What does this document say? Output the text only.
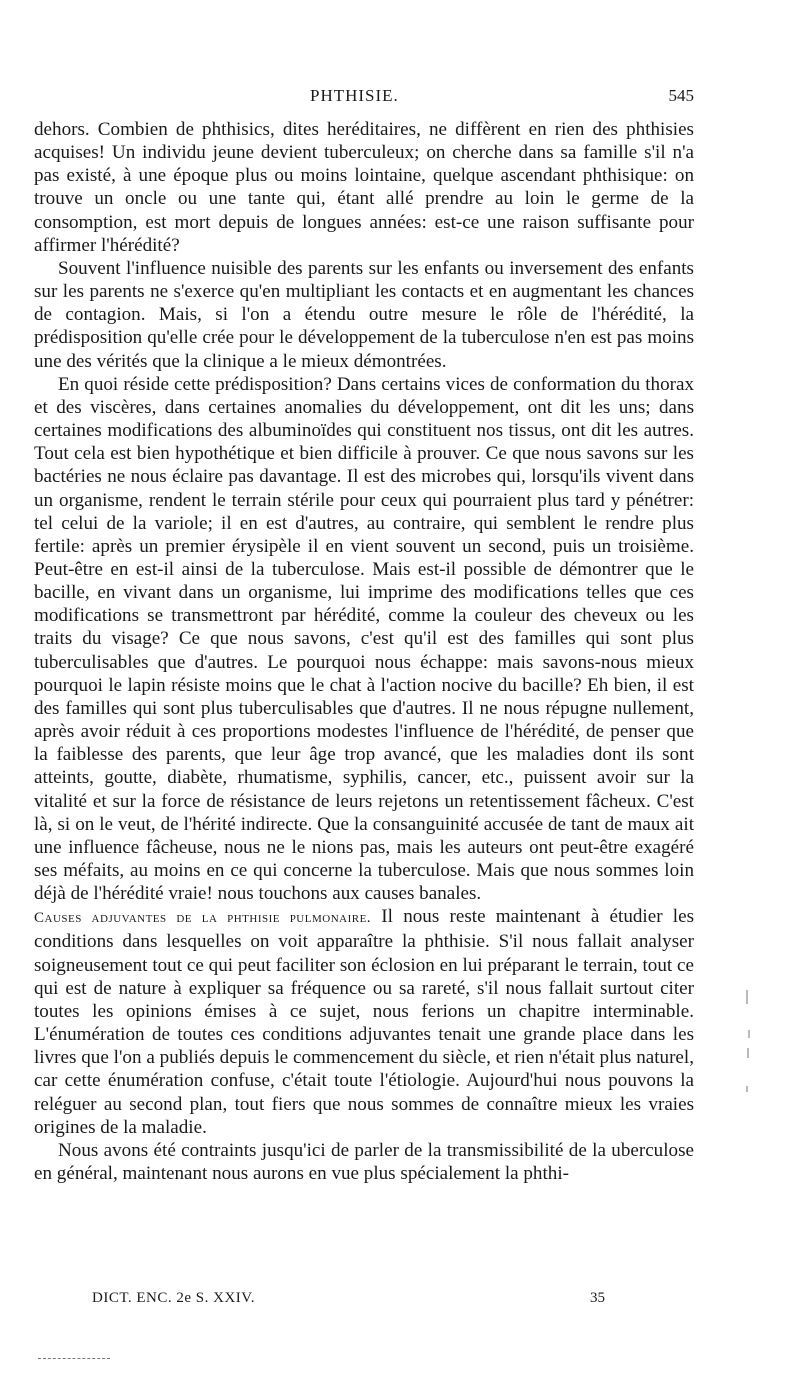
PHTHISIE.	545

dehors. Combien de phthisics, dites heréditaires, ne diffèrent en rien des phthisies acquises! Un individu jeune devient tuberculeux; on cherche dans sa famille s'il n'a pas existé, à une époque plus ou moins lointaine, quelque ascendant phthisique: on trouve un oncle ou une tante qui, étant allé prendre au loin le germe de la consomption, est mort depuis de longues années: est-ce une raison suffisante pour affirmer l'hérédité?

Souvent l'influence nuisible des parents sur les enfants ou inversement des enfants sur les parents ne s'exerce qu'en multipliant les contacts et en augmentant les chances de contagion. Mais, si l'on a étendu outre mesure le rôle de l'hérédité, la prédisposition qu'elle crée pour le développement de la tuberculose n'en est pas moins une des vérités que la clinique a le mieux démontrées.

En quoi réside cette prédisposition? Dans certains vices de conformation du thorax et des viscères, dans certaines anomalies du développement, ont dit les uns; dans certaines modifications des albuminoïdes qui constituent nos tissus, ont dit les autres. Tout cela est bien hypothétique et bien difficile à prouver. Ce que nous savons sur les bactéries ne nous éclaire pas davantage. Il est des microbes qui, lorsqu'ils vivent dans un organisme, rendent le terrain stérile pour ceux qui pourraient plus tard y pénétrer: tel celui de la variole; il en est d'autres, au contraire, qui semblent le rendre plus fertile: après un premier érysipèle il en vient souvent un second, puis un troisième. Peut-être en est-il ainsi de la tuberculose. Mais est-il possible de démontrer que le bacille, en vivant dans un organisme, lui imprime des modifications telles que ces modifications se transmettront par hérédité, comme la couleur des cheveux ou les traits du visage? Ce que nous savons, c'est qu'il est des familles qui sont plus tuberculisables que d'autres. Le pourquoi nous échappe: mais savons-nous mieux pourquoi le lapin résiste moins que le chat à l'action nocive du bacille? Eh bien, il est des familles qui sont plus tuberculisables que d'autres. Il ne nous répugne nullement, après avoir réduit à ces proportions modestes l'influence de l'hérédité, de penser que la faiblesse des parents, que leur âge trop avancé, que les maladies dont ils sont atteints, goutte, diabète, rhumatisme, syphilis, cancer, etc., puissent avoir sur la vitalité et sur la force de résistance de leurs rejetons un retentissement fâcheux. C'est là, si on le veut, de l'hérité indirecte. Que la consanguinité accusée de tant de maux ait une influence fâcheuse, nous ne le nions pas, mais les auteurs ont peut-être exagéré ses méfaits, au moins en ce qui concerne la tuberculose. Mais que nous sommes loin déjà de l'hérédité vraie! nous touchons aux causes banales.

Causes adjuvantes de la phthisie pulmonaire. Il nous reste maintenant à étudier les conditions dans lesquelles on voit apparaître la phthisie. S'il nous fallait analyser soigneusement tout ce qui peut faciliter son éclosion en lui préparant le terrain, tout ce qui est de nature à expliquer sa fréquence ou sa rareté, s'il nous fallait surtout citer toutes les opinions émises à ce sujet, nous ferions un chapitre interminable. L'énumération de toutes ces conditions adjuvantes tenait une grande place dans les livres que l'on a publiés depuis le commencement du siècle, et rien n'était plus naturel, car cette énumération confuse, c'était toute l'étiologie. Aujourd'hui nous pouvons la reléguer au second plan, tout fiers que nous sommes de connaître mieux les vraies origines de la maladie.

Nous avons été contraints jusqu'ici de parler de la transmissibilité de la uberculose en général, maintenant nous aurons en vue plus spécialement la phthi-

DICT. ENC. 2e S. XXIV.	35
